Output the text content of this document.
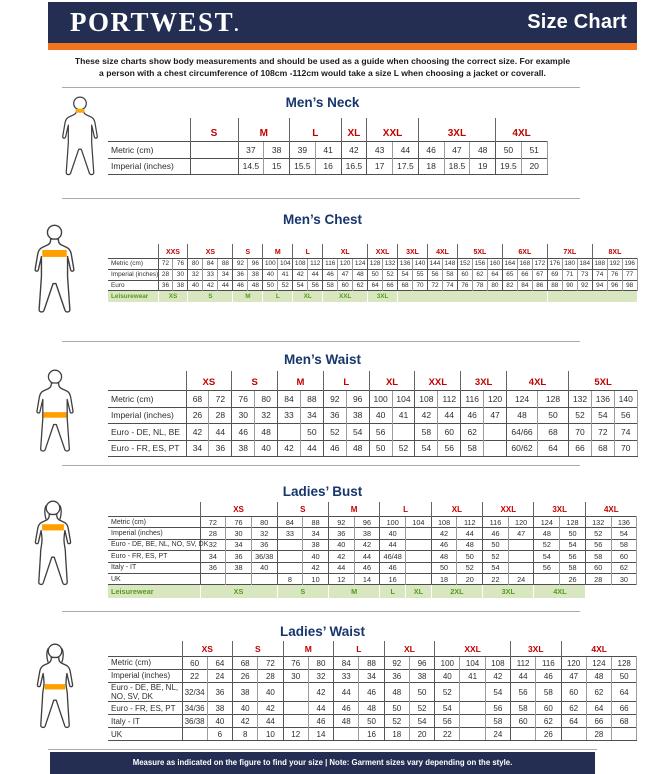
PORTWEST.	Size Chart
These size charts show body measurements and should be used as a guide when choosing the correct size. For example
a person with a chest circumference of 108cm -112cm would take a size L when choosing a jacket or coverall.
Men’s Neck
	S	M		L		XL	XXL		3XL			4XL	
Metric (cm)		37	38	39	41	42	43	44	46	47	48	50	51
Imperial (inches)		14.5	15	15.5	16	16.5	17	17.5	18	18.5	19	19.5	20
Men’s Chest
	XXS		XS			S		M		L		XL			XXL		3XL		4XL		5XL			6XL			7XL			8XL		
Metric (cm)	72	76	80	84	88	92	96	100	104	108	112	116	120	124	128	132	136	140	144	148	152	156	160	164	168	172	176	180	184	188	192	196
Imperial (inches)	28	30	32	33	34	36	38	40	41	42	44	46	47	48	50	52	54	55	56	58	60	62	64	65	66	67	69	71	73	74	76	77
Euro	36	38	40	42	44	46	48	50	52	54	56	58	60	62	64	66	68	70	72	74	76	78	80	82	84	86	88	90	92	94	96	98
Leisurewear	XS		S			M		L		XL		XXL			3XL																	
Men’s Waist
	XS		S		M		L		XL		XXL		3XL		4XL		5XL		
Metric (cm)	68	72	76	80	84	88	92	96	100	104	108	112	116	120	124	128	132	136	140
Imperial (inches)	26	28	30	32	33	34	36	38	40	41	42	44	46	47	48	50	52	54	56
Euro - DE, NL, BE	42	44	46	48		50	52	54	56		58	60	62		64/66	68	70	72	74
Euro - FR, ES, PT	34	36	38	40	42	44	46	48	50	52	54	56	58		60/62	64	66	68	70
Ladies’ Bust
	XS			S		M		L		XL		XXL		3XL		4XL	
Metric (cm)	72	76	80	84	88	92	96	100	104	108	112	116	120	124	128	132	136
Imperial (inches)	28	30	32	33	34	36	38	40		42	44	46	47	48	50	52	54
Euro - DE, BE, NL, NO, SV, DK	32	34	36		38	40	42	44		46	48	50		52	54	56	58
Euro - FR, ES, PT	34	36	36/38		40	42	44	46/48		48	50	52		54	56	58	60
Italy - IT	36	38	40		42	44	46	46		50	52	54		56	58	60	62
UK				8	10	12	14	16		18	20	22	24		26	28	30
Leisurewear	XS			S		M		L	XL	2XL		3XL		4XL			
Ladies’ Waist
	XS		S		M		L		XL		XXL			3XL		4XL		
Metric (cm)	60	64	68	72	76	80	84	88	92	96	100	104	108	112	116	120	124	128
Imperial (inches)	22	24	26	28	30	32	33	34	36	38	40	41	42	44	46	47	48	50
Euro - DE, BE, NL, NO, SV, DK	32/34	36	38	40		42	44	46	48	50	52		54	56	58	60	62	64
Euro - FR, ES, PT	34/36	38	40	42		44	46	48	50	52	54		56	58	60	62	64	66
Italy - IT	36/38	40	42	44		46	48	50	52	54	56		58	60	62	64	66	68
UK		6	8	10	12	14		16	18	20	22		24		26		28	
Measure as indicated on the figure to find your size | Note: Garment sizes vary depending on the style.
